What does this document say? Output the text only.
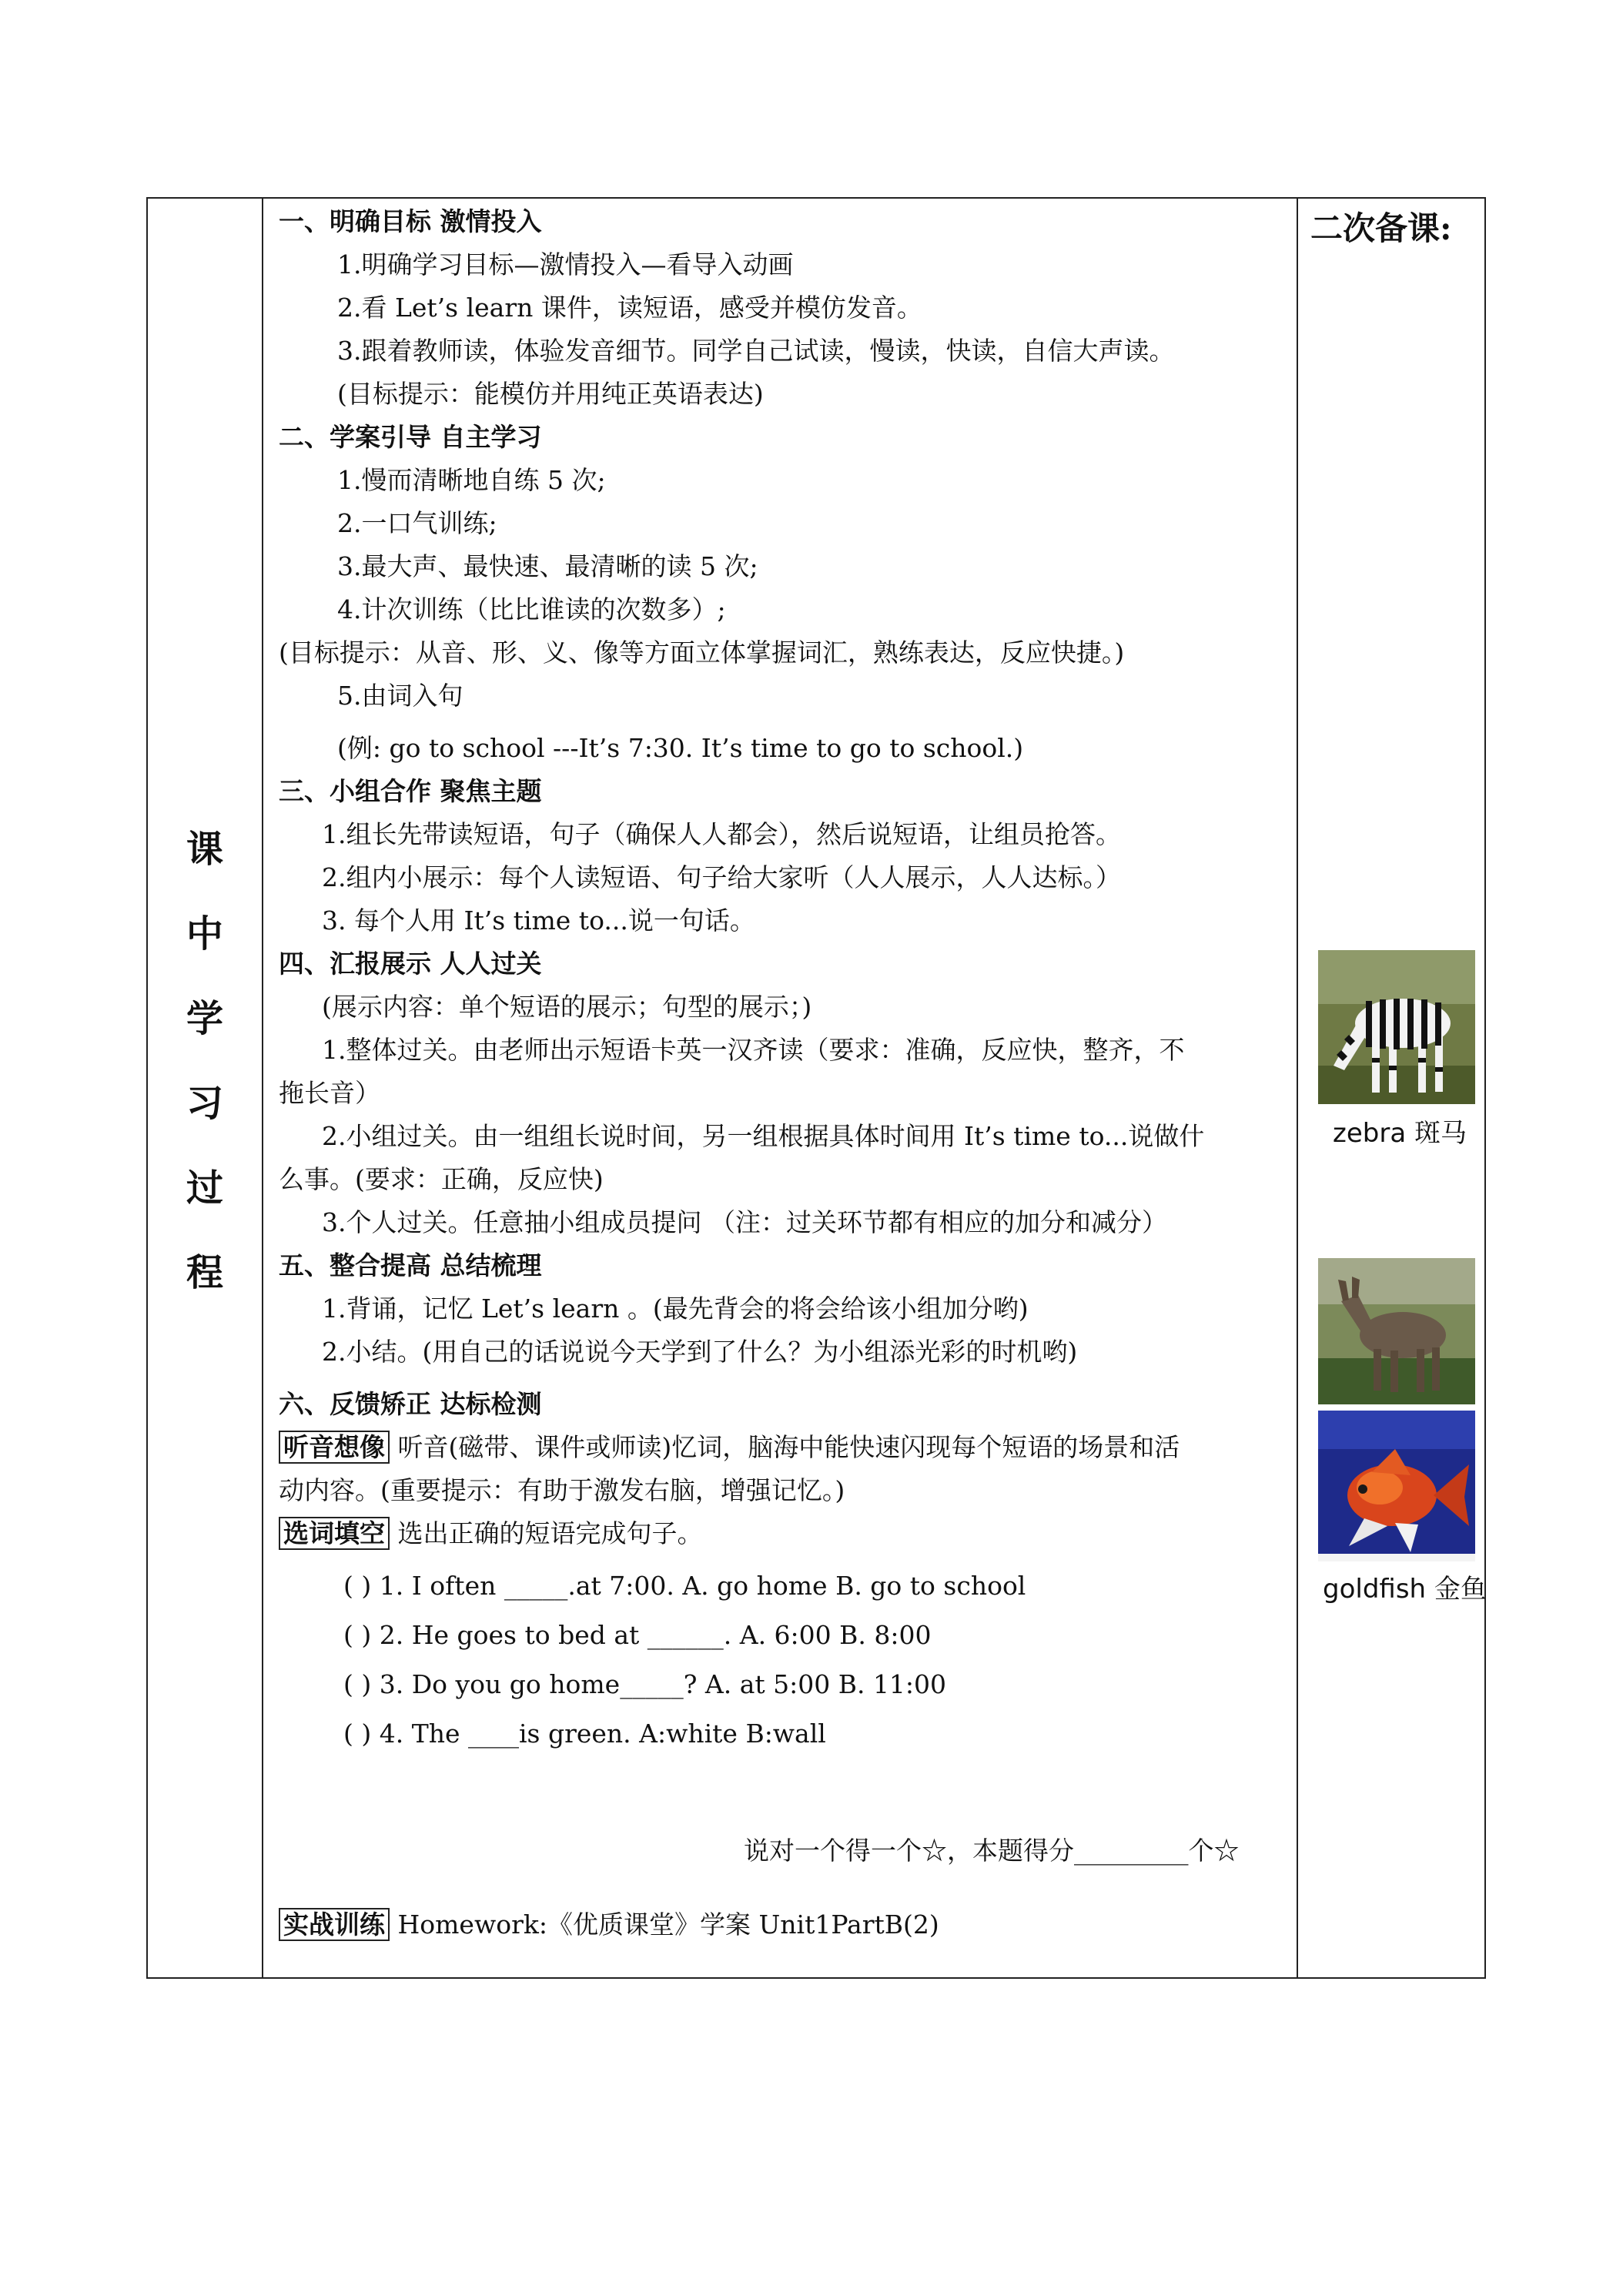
课
中
学
习
过
程
一、明确目标 激情投入
1.明确学习目标—激情投入—看导入动画
2.看 Let’s learn 课件，读短语，感受并模仿发音。
3.跟着教师读，体验发音细节。同学自己试读，慢读，快读，自信大声读。
(目标提示：能模仿并用纯正英语表达)
二、学案引导 自主学习
1.慢而清晰地自练 5 次;
2.一口气训练;
3.最大声、最快速、最清晰的读 5 次;
4.计次训练（比比谁读的次数多）;
(目标提示：从音、形、义、像等方面立体掌握词汇，熟练表达，反应快捷。)
5.由词入句
(例: go to school ---It’s 7:30. It’s time to go to school.)
三、小组合作 聚焦主题
1.组长先带读短语，句子（确保人人都会），然后说短语，让组员抢答。
2.组内小展示：每个人读短语、句子给大家听（人人展示，人人达标。）
3. 每个人用 It’s time to...说一句话。
四、汇报展示 人人过关
(展示内容：单个短语的展示；句型的展示；)
1.整体过关。由老师出示短语卡英一汉齐读（要求：准确，反应快，整齐，不
拖长音）
2.小组过关。由一组组长说时间，另一组根据具体时间用 It’s time to...说做什
么事。(要求：正确，反应快)
3.个人过关。任意抽小组成员提问 （注：过关环节都有相应的加分和减分）
五、整合提高 总结梳理
1.背诵，记忆 Let’s learn 。(最先背会的将会给该小组加分哟)
2.小结。(用自己的话说说今天学到了什么？为小组添光彩的时机哟)
六、反馈矫正 达标检测
听音想像 听音(磁带、课件或师读)忆词，脑海中能快速闪现每个短语的场景和活
动内容。(重要提示：有助于激发右脑，增强记忆。)
选词填空 选出正确的短语完成句子。
( ) 1. I often _____.at 7:00. A. go home B. go to school
( ) 2. He goes to bed at ______. A. 6:00 B. 8:00
( ) 3. Do you go home_____? A. at 5:00 B. 11:00
( ) 4. The ____is green. A:white B:wall
说对一个得一个☆，本题得分_________个☆
实战训练 Homework:《优质课堂》学案 Unit1PartB(2)
二次备课:
zebra 斑马
goldfish 金鱼
